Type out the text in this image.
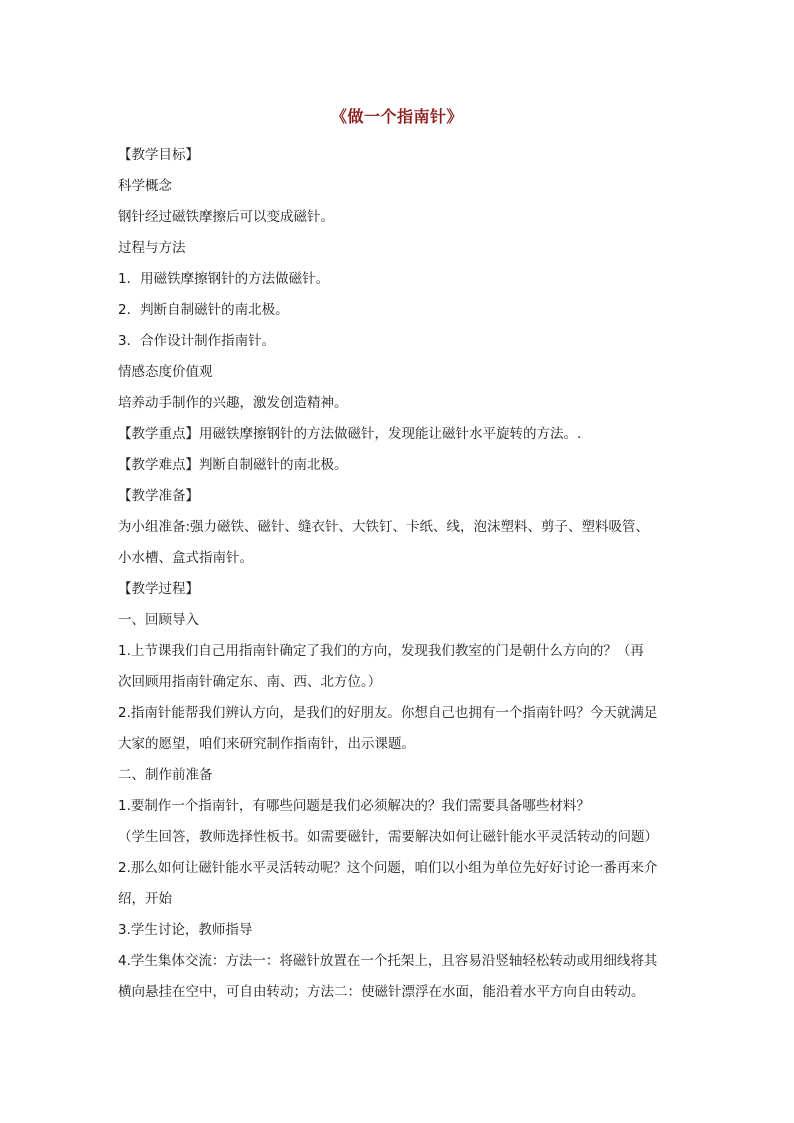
《做一个指南针》
【教学目标】
科学概念
钢针经过磁铁摩擦后可以变成磁针。
过程与方法
1．用磁铁摩擦钢针的方法做磁针。
2．判断自制磁针的南北极。
3．合作设计制作指南针。
情感态度价值观
培养动手制作的兴趣，激发创造精神。
【教学重点】用磁铁摩擦钢针的方法做磁针，发现能让磁针水平旋转的方法。.
【教学难点】判断自制磁针的南北极。
【教学准备】
为小组准备:强力磁铁、磁针、缝衣针、大铁钉、卡纸、线，泡沫塑料、剪子、塑料吸管、
小水槽、盒式指南针。
【教学过程】
一、回顾导入
1.上节课我们自己用指南针确定了我们的方向，发现我们教室的门是朝什么方向的？（再
次回顾用指南针确定东、南、西、北方位。）
2.指南针能帮我们辨认方向，是我们的好朋友。你想自己也拥有一个指南针吗？今天就满足
大家的愿望，咱们来研究制作指南针，出示课题。
二、制作前准备
1.要制作一个指南针，有哪些问题是我们必须解决的？我们需要具备哪些材料？
（学生回答，教师选择性板书。如需要磁针，需要解决如何让磁针能水平灵活转动的问题）
2.那么如何让磁针能水平灵活转动呢？这个问题，咱们以小组为单位先好好讨论一番再来介
绍，开始
3.学生讨论，教师指导
4.学生集体交流：方法一：将磁针放置在一个托架上，且容易沿竖轴轻松转动或用细线将其
横向悬挂在空中，可自由转动；方法二：使磁针漂浮在水面，能沿着水平方向自由转动。
